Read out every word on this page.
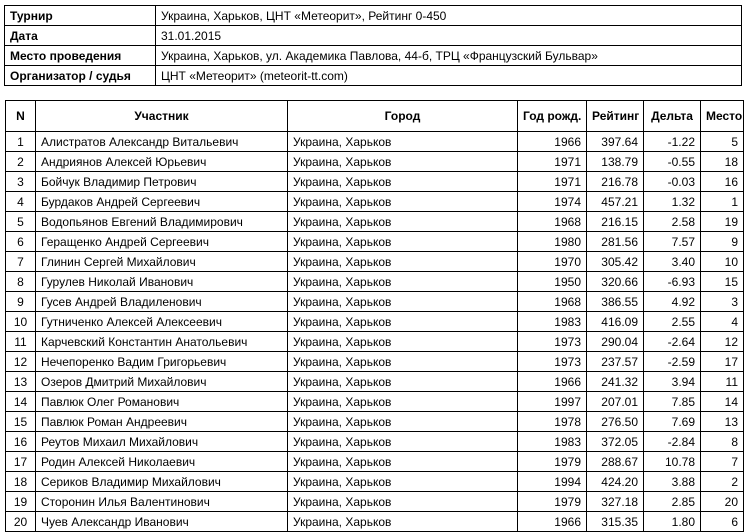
Турнир	Украина, Харьков, ЦНТ «Метеорит», Рейтинг 0-450
Дата	31.01.2015
Место проведения	Украина, Харьков, ул. Академика Павлова, 44-б, ТРЦ «Французский Бульвар»
Организатор / судья	ЦНТ «Метеорит» (meteorit-tt.com)
N	Участник	Город	Год рожд.	Рейтинг	Дельта	Место
1	Алистратов Александр Витальевич	Украина, Харьков	1966	397.64	-1.22	5
2	Андриянов Алексей Юрьевич	Украина, Харьков	1971	138.79	-0.55	18
3	Бойчук Владимир Петрович	Украина, Харьков	1971	216.78	-0.03	16
4	Бурдаков Андрей Сергеевич	Украина, Харьков	1974	457.21	1.32	1
5	Водопьянов Евгений Владимирович	Украина, Харьков	1968	216.15	2.58	19
6	Геращенко Андрей Сергеевич	Украина, Харьков	1980	281.56	7.57	9
7	Глинин Сергей Михайлович	Украина, Харьков	1970	305.42	3.40	10
8	Гурулев Николай Иванович	Украина, Харьков	1950	320.66	-6.93	15
9	Гусев Андрей Владиленович	Украина, Харьков	1968	386.55	4.92	3
10	Гутниченко Алексей Алексеевич	Украина, Харьков	1983	416.09	2.55	4
11	Карчевский Константин Анатольевич	Украина, Харьков	1973	290.04	-2.64	12
12	Нечепоренко Вадим Григорьевич	Украина, Харьков	1973	237.57	-2.59	17
13	Озеров Дмитрий Михайлович	Украина, Харьков	1966	241.32	3.94	11
14	Павлюк Олег Романович	Украина, Харьков	1997	207.01	7.85	14
15	Павлюк Роман Андреевич	Украина, Харьков	1978	276.50	7.69	13
16	Реутов Михаил Михайлович	Украина, Харьков	1983	372.05	-2.84	8
17	Родин Алексей Николаевич	Украина, Харьков	1979	288.67	10.78	7
18	Сериков Владимир Михайлович	Украина, Харьков	1994	424.20	3.88	2
19	Сторонин Илья Валентинович	Украина, Харьков	1979	327.18	2.85	20
20	Чуев Александр Иванович	Украина, Харьков	1966	315.35	1.80	6
